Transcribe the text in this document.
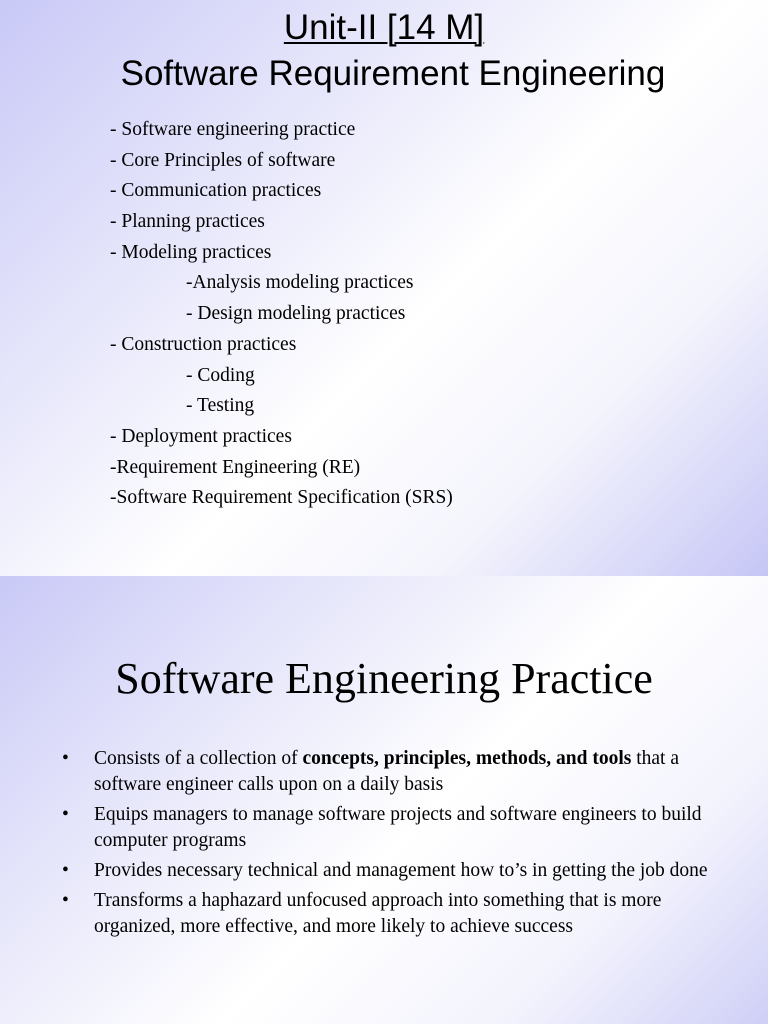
Unit-II [14 M]
Software Requirement Engineering
- Software engineering practice
- Core Principles of software
- Communication practices
- Planning practices
- Modeling practices
-Analysis modeling practices
- Design modeling practices
- Construction practices
- Coding
- Testing
- Deployment practices
-Requirement Engineering (RE)
-Software Requirement Specification (SRS)
Software Engineering Practice
• Consists of a collection of concepts, principles, methods, and tools that a software engineer calls upon on a daily basis
• Equips managers to manage software projects and software engineers to build computer programs
• Provides necessary technical and management how to’s in getting the job done
• Transforms a haphazard unfocused approach into something that is more organized, more effective, and more likely to achieve success
